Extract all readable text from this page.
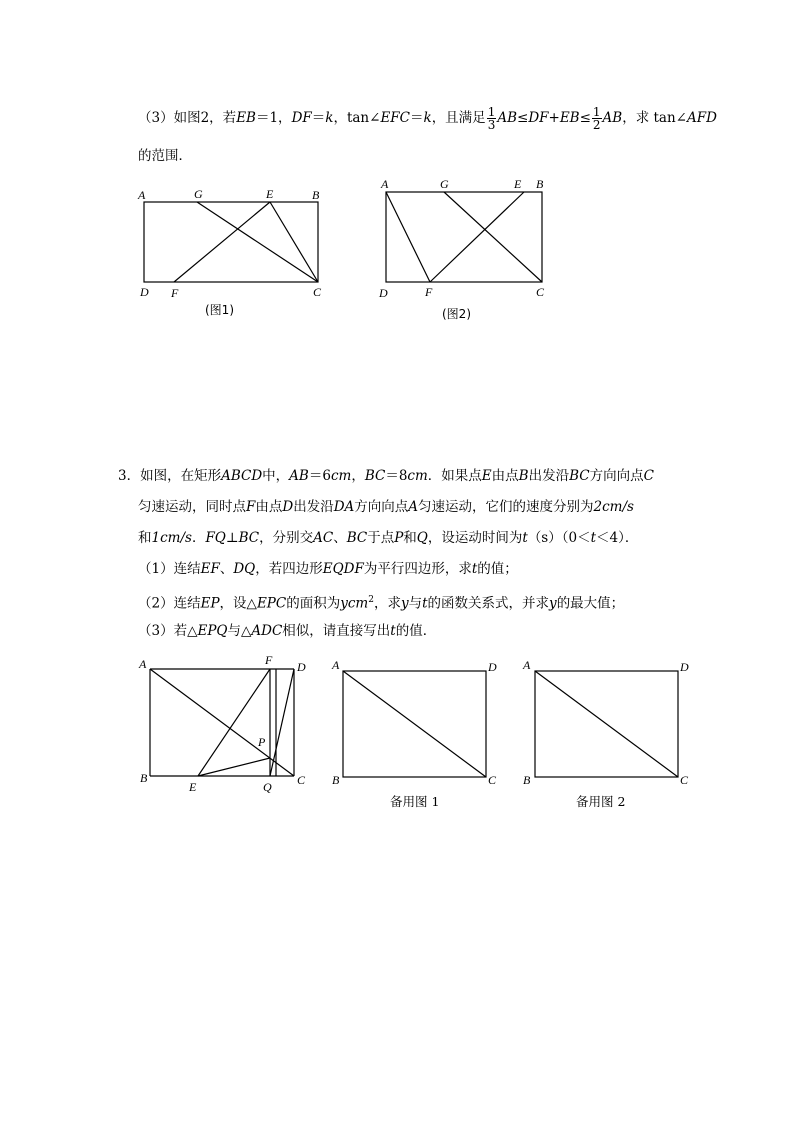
（3）如图2，若EB＝1，DF＝k，tan∠EFC＝k，且满足 $\frac{1}{3} AB\le DF+EB\le \frac{1}{2}$ AB，求 tan∠AFD
的范围．
A	G	E	B
D F	C
(图1)
A	G	E B
D	F	C
(图2)
3．如图，在矩形ABCD中，AB＝6cm，BC＝8cm．如果点E由点B出发沿BC方向向点C
匀速运动，同时点F由点D出发沿DA方向向点A匀速运动，它们的速度分别为2cm/s
和1cm/s．FQ⊥BC，分别交AC、BC于点P和Q，设运动时间为t（s）（0＜t＜4）．
（1）连结EF、DQ，若四边形EQDF为平行四边形，求t的值；
（2）连结EP，设△EPC的面积为ycm$^2$，求y与t的函数关系式，并求y的最大值；
（3）若△EPQ与△ADC相似，请直接写出t的值．
A	F D
P
B
E	Q C
A	D
B	C
备用图 1
A	D
B	C
备用图 2
